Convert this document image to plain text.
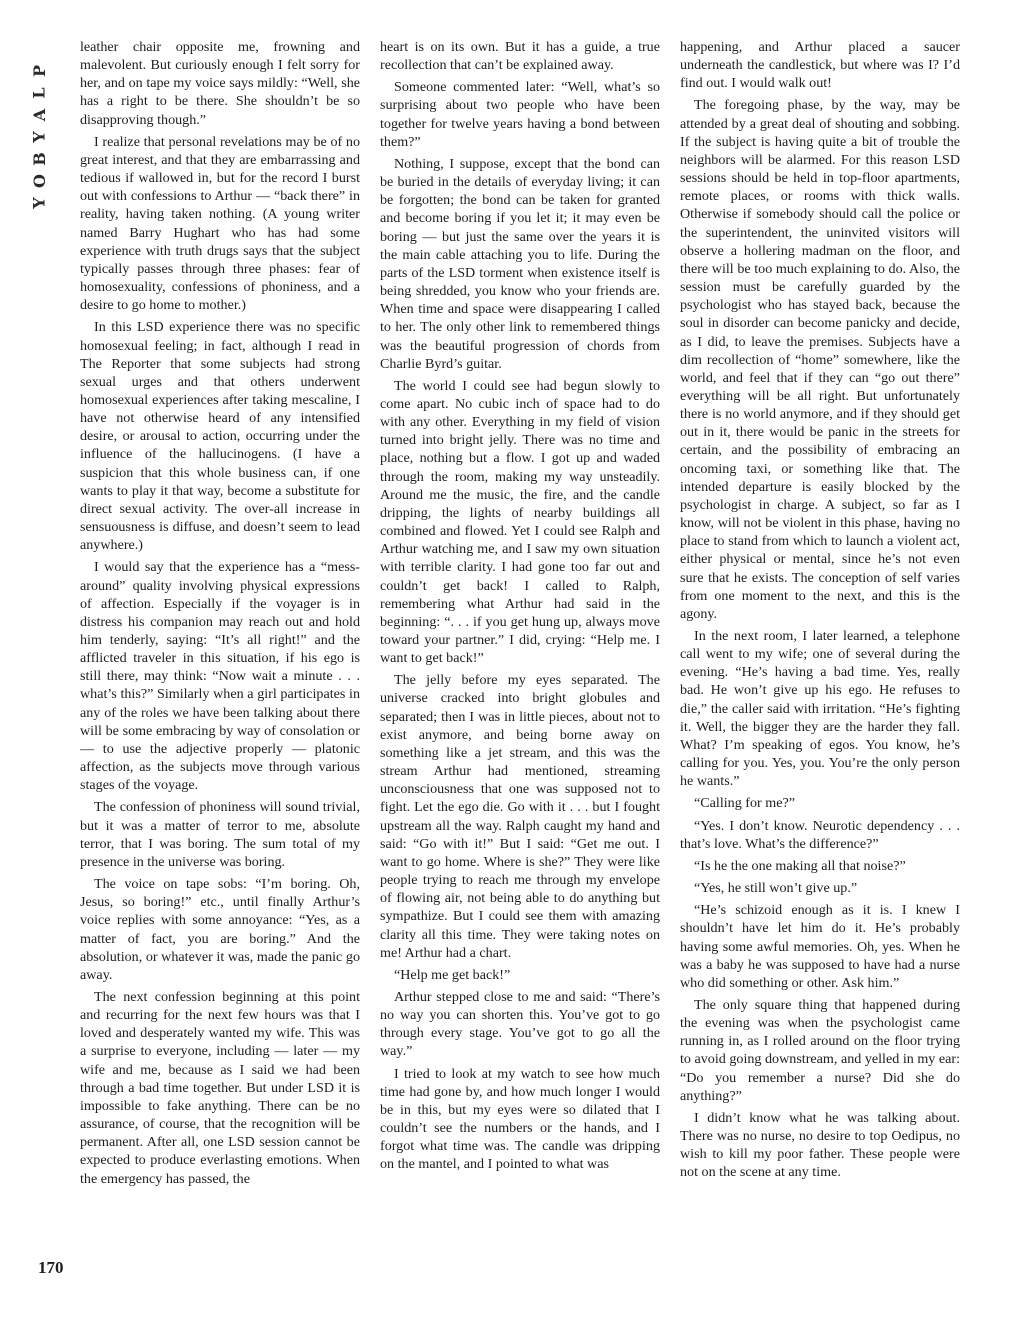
P
L
A
Y
B
O
Y
170

leather chair opposite me, frowning and malevolent. But curiously enough I felt sorry for her, and on tape my voice says mildly: “Well, she has a right to be there. She shouldn’t be so disapproving though.”

I realize that personal revelations may be of no great interest, and that they are embarrassing and tedious if wallowed in, but for the record I burst out with confessions to Arthur — “back there” in reality, having taken nothing. (A young writer named Barry Hughart who has had some experience with truth drugs says that the subject typically passes through three phases: fear of homosexuality, confessions of phoniness, and a desire to go home to mother.)

In this LSD experience there was no specific homosexual feeling; in fact, although I read in The Reporter that some subjects had strong sexual urges and that others underwent homosexual experiences after taking mescaline, I have not otherwise heard of any intensified desire, or arousal to action, occurring under the influence of the hallucinogens. (I have a suspicion that this whole business can, if one wants to play it that way, become a substitute for direct sexual activity. The over-all increase in sensuousness is diffuse, and doesn’t seem to lead anywhere.)

I would say that the experience has a “mess-around” quality involving physical expressions of affection. Especially if the voyager is in distress his companion may reach out and hold him tenderly, saying: “It’s all right!” and the afflicted traveler in this situation, if his ego is still there, may think: “Now wait a minute . . . what’s this?” Similarly when a girl participates in any of the roles we have been talking about there will be some embracing by way of consolation or — to use the adjective properly — platonic affection, as the subjects move through various stages of the voyage.

The confession of phoniness will sound trivial, but it was a matter of terror to me, absolute terror, that I was boring. The sum total of my presence in the universe was boring.

The voice on tape sobs: “I’m boring. Oh, Jesus, so boring!” etc., until finally Arthur’s voice replies with some annoyance: “Yes, as a matter of fact, you are boring.” And the absolution, or whatever it was, made the panic go away.

The next confession beginning at this point and recurring for the next few hours was that I loved and desperately wanted my wife. This was a surprise to everyone, including — later — my wife and me, because as I said we had been through a bad time together. But under LSD it is impossible to fake anything. There can be no assurance, of course, that the recognition will be permanent. After all, one LSD session cannot be expected to produce everlasting emotions. When the emergency has passed, the

heart is on its own. But it has a guide, a true recollection that can’t be explained away.

Someone commented later: “Well, what’s so surprising about two people who have been together for twelve years having a bond between them?”

Nothing, I suppose, except that the bond can be buried in the details of everyday living; it can be forgotten; the bond can be taken for granted and become boring if you let it; it may even be boring — but just the same over the years it is the main cable attaching you to life. During the parts of the LSD torment when existence itself is being shredded, you know who your friends are. When time and space were disappearing I called to her. The only other link to remembered things was the beautiful progression of chords from Charlie Byrd’s guitar.

The world I could see had begun slowly to come apart. No cubic inch of space had to do with any other. Everything in my field of vision turned into bright jelly. There was no time and place, nothing but a flow. I got up and waded through the room, making my way unsteadily. Around me the music, the fire, and the candle dripping, the lights of nearby buildings all combined and flowed. Yet I could see Ralph and Arthur watching me, and I saw my own situation with terrible clarity. I had gone too far out and couldn’t get back! I called to Ralph, remembering what Arthur had said in the beginning: “. . . if you get hung up, always move toward your partner.” I did, crying: “Help me. I want to get back!”

The jelly before my eyes separated. The universe cracked into bright globules and separated; then I was in little pieces, about not to exist anymore, and being borne away on something like a jet stream, and this was the stream Arthur had mentioned, streaming unconsciousness that one was supposed not to fight. Let the ego die. Go with it . . . but I fought upstream all the way. Ralph caught my hand and said: “Go with it!” But I said: “Get me out. I want to go home. Where is she?” They were like people trying to reach me through my envelope of flowing air, not being able to do anything but sympathize. But I could see them with amazing clarity all this time. They were taking notes on me! Arthur had a chart.

“Help me get back!”

Arthur stepped close to me and said: “There’s no way you can shorten this. You’ve got to go through every stage. You’ve got to go all the way.”

I tried to look at my watch to see how much time had gone by, and how much longer I would be in this, but my eyes were so dilated that I couldn’t see the numbers or the hands, and I forgot what time was. The candle was dripping on the mantel, and I pointed to what was

happening, and Arthur placed a saucer underneath the candlestick, but where was I? I’d find out. I would walk out!

The foregoing phase, by the way, may be attended by a great deal of shouting and sobbing. If the subject is having quite a bit of trouble the neighbors will be alarmed. For this reason LSD sessions should be held in top-floor apartments, remote places, or rooms with thick walls. Otherwise if somebody should call the police or the superintendent, the uninvited visitors will observe a hollering madman on the floor, and there will be too much explaining to do. Also, the session must be carefully guarded by the psychologist who has stayed back, because the soul in disorder can become panicky and decide, as I did, to leave the premises. Subjects have a dim recollection of “home” somewhere, like the world, and feel that if they can “go out there” everything will be all right. But unfortunately there is no world anymore, and if they should get out in it, there would be panic in the streets for certain, and the possibility of embracing an oncoming taxi, or something like that. The intended departure is easily blocked by the psychologist in charge. A subject, so far as I know, will not be violent in this phase, having no place to stand from which to launch a violent act, either physical or mental, since he’s not even sure that he exists. The conception of self varies from one moment to the next, and this is the agony.

In the next room, I later learned, a telephone call went to my wife; one of several during the evening. “He’s having a bad time. Yes, really bad. He won’t give up his ego. He refuses to die,” the caller said with irritation. “He’s fighting it. Well, the bigger they are the harder they fall. What? I’m speaking of egos. You know, he’s calling for you. Yes, you. You’re the only person he wants.”

“Calling for me?”

“Yes. I don’t know. Neurotic dependency . . . that’s love. What’s the difference?”

“Is he the one making all that noise?”

“Yes, he still won’t give up.”

“He’s schizoid enough as it is. I knew I shouldn’t have let him do it. He’s probably having some awful memories. Oh, yes. When he was a baby he was supposed to have had a nurse who did something or other. Ask him.”

The only square thing that happened during the evening was when the psychologist came running in, as I rolled around on the floor trying to avoid going downstream, and yelled in my ear: “Do you remember a nurse? Did she do anything?”

I didn’t know what he was talking about. There was no nurse, no desire to top Oedipus, no wish to kill my poor father. These people were not on the scene at any time.
